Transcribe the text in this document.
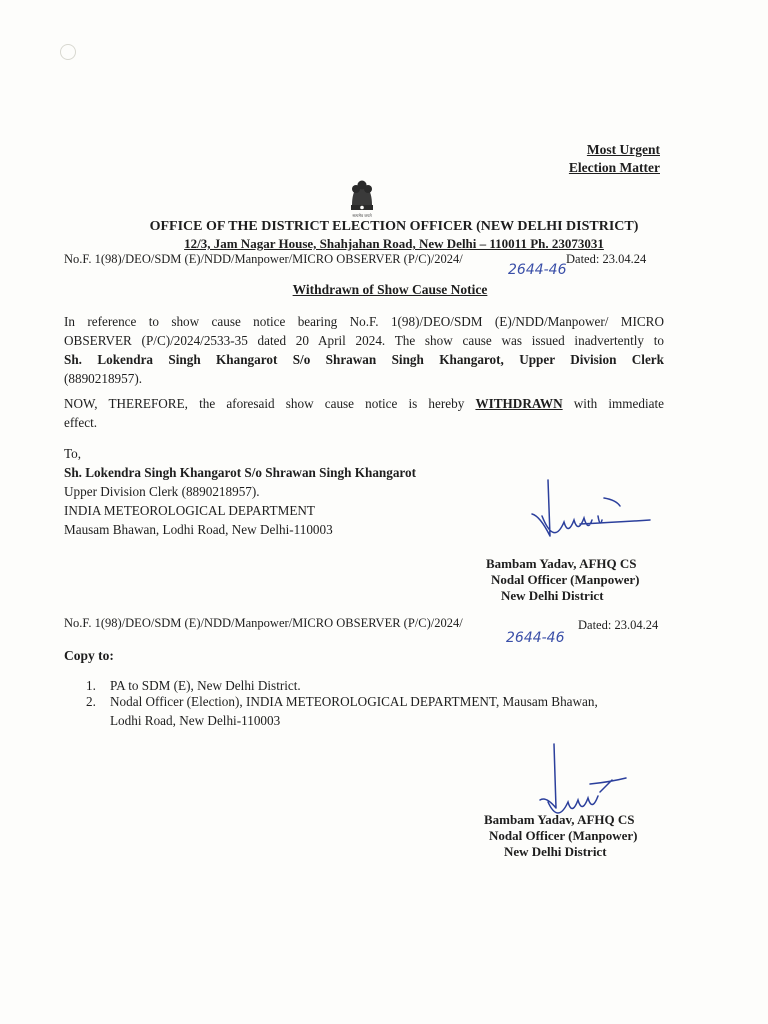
Most Urgent
Election Matter
सत्यमेव जयते
OFFICE OF THE DISTRICT ELECTION OFFICER (NEW DELHI DISTRICT)
12/3, Jam Nagar House, Shahjahan Road, New Delhi – 110011 Ph. 23073031
No.F. 1(98)/DEO/SDM (E)/NDD/Manpower/MICRO OBSERVER (P/C)/2024/
2644-46
Dated: 23.04.24
Withdrawn of Show Cause Notice
In reference to show cause notice bearing No.F. 1(98)/DEO/SDM (E)/NDD/Manpower/ MICRO
OBSERVER (P/C)/2024/2533-35 dated 20 April 2024. The show cause was issued inadvertently to
Sh. Lokendra Singh Khangarot S/o Shrawan Singh Khangarot, Upper Division Clerk
(8890218957).
NOW, THEREFORE, the aforesaid show cause notice is hereby WITHDRAWN with immediate
effect.
To,
Sh. Lokendra Singh Khangarot S/o Shrawan Singh Khangarot
Upper Division Clerk (8890218957).
INDIA METEOROLOGICAL DEPARTMENT
Mausam Bhawan, Lodhi Road, New Delhi-110003
Bambam Yadav, AFHQ CS
Nodal Officer (Manpower)
New Delhi District
No.F. 1(98)/DEO/SDM (E)/NDD/Manpower/MICRO OBSERVER (P/C)/2024/
2644-46
Dated: 23.04.24
Copy to:
1. PA to SDM (E), New Delhi District.
2. Nodal Officer (Election), INDIA METEOROLOGICAL DEPARTMENT, Mausam Bhawan,
Lodhi Road, New Delhi-110003
Bambam Yadav, AFHQ CS
Nodal Officer (Manpower)
New Delhi District
